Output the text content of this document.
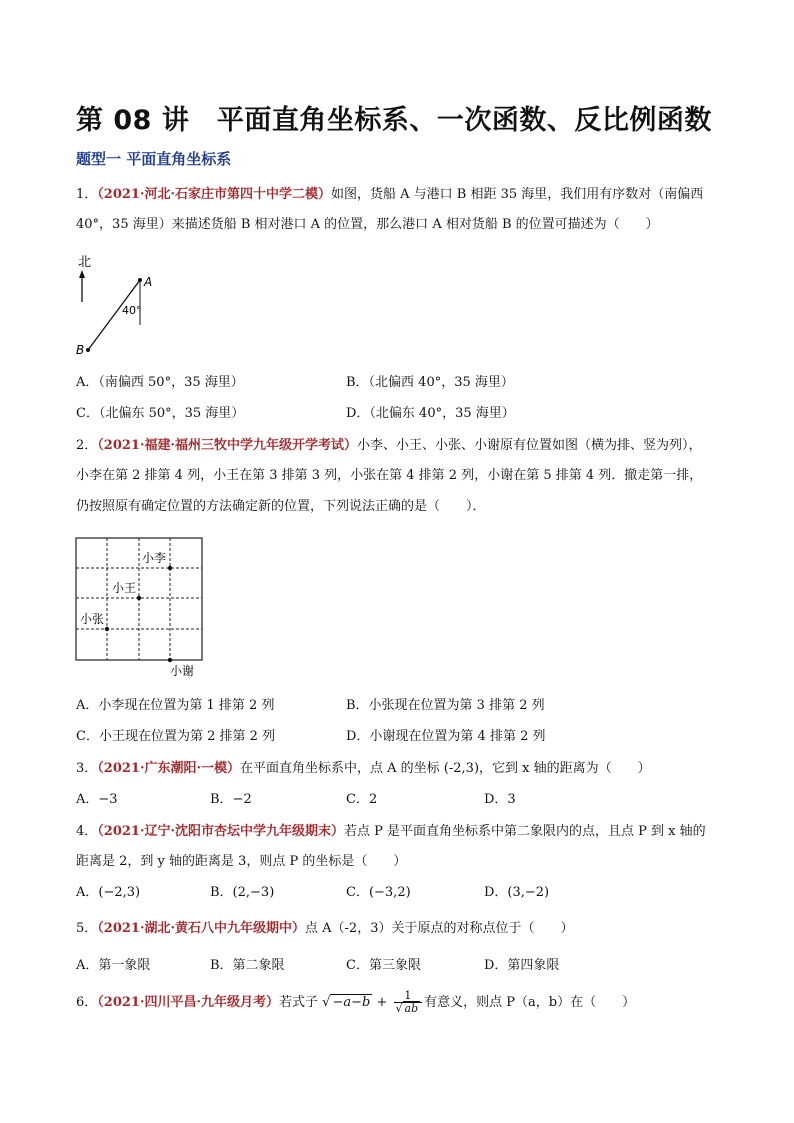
第 08 讲　平面直角坐标系、一次函数、反比例函数
题型一 平面直角坐标系
1．（2021·河北·石家庄市第四十中学二模）如图，货船 A 与港口 B 相距 35 海里，我们用有序数对（南偏西
40°，35 海里）来描述货船 B 相对港口 A 的位置，那么港口 A 相对货船 B 的位置可描述为（　　）
北
A
B
40°
A．（南偏西 50°，35 海里）	B．（北偏西 40°，35 海里）
C．（北偏东 50°，35 海里）	D．（北偏东 40°，35 海里）
2．（2021·福建·福州三牧中学九年级开学考试）小李、小王、小张、小谢原有位置如图（横为排、竖为列），
小李在第 2 排第 4 列，小王在第 3 排第 3 列，小张在第 4 排第 2 列，小谢在第 5 排第 4 列．撤走第一排，
仍按照原有确定位置的方法确定新的位置，下列说法正确的是（　　）．
小李
小王
小张
小谢
A．小李现在位置为第 1 排第 2 列	B．小张现在位置为第 3 排第 2 列
C．小王现在位置为第 2 排第 2 列	D．小谢现在位置为第 4 排第 2 列
3．（2021·广东潮阳·一模）在平面直角坐标系中，点 A 的坐标 (-2,3)，它到 x 轴的距离为（　　）
A．−3	B．−2	C．2	D．3
4．（2021·辽宁·沈阳市杏坛中学九年级期末）若点 P 是平面直角坐标系中第二象限内的点，且点 P 到 x 轴的
距离是 2，到 y 轴的距离是 3，则点 P 的坐标是（　　）
A．(−2,3)	B．(2,−3)	C．(−3,2)	D．(3,−2)
5．（2021·湖北·黄石八中九年级期中）点 A（-2，3）关于原点的对称点位于（　　）
A．第一象限	B．第二象限	C．第三象限	D．第四象限
6．（2021·四川平昌·九年级月考）若式子 √ $-a-b + \frac{1}{√ ab}$ 有意义，则点 P（a，b）在（　　）
